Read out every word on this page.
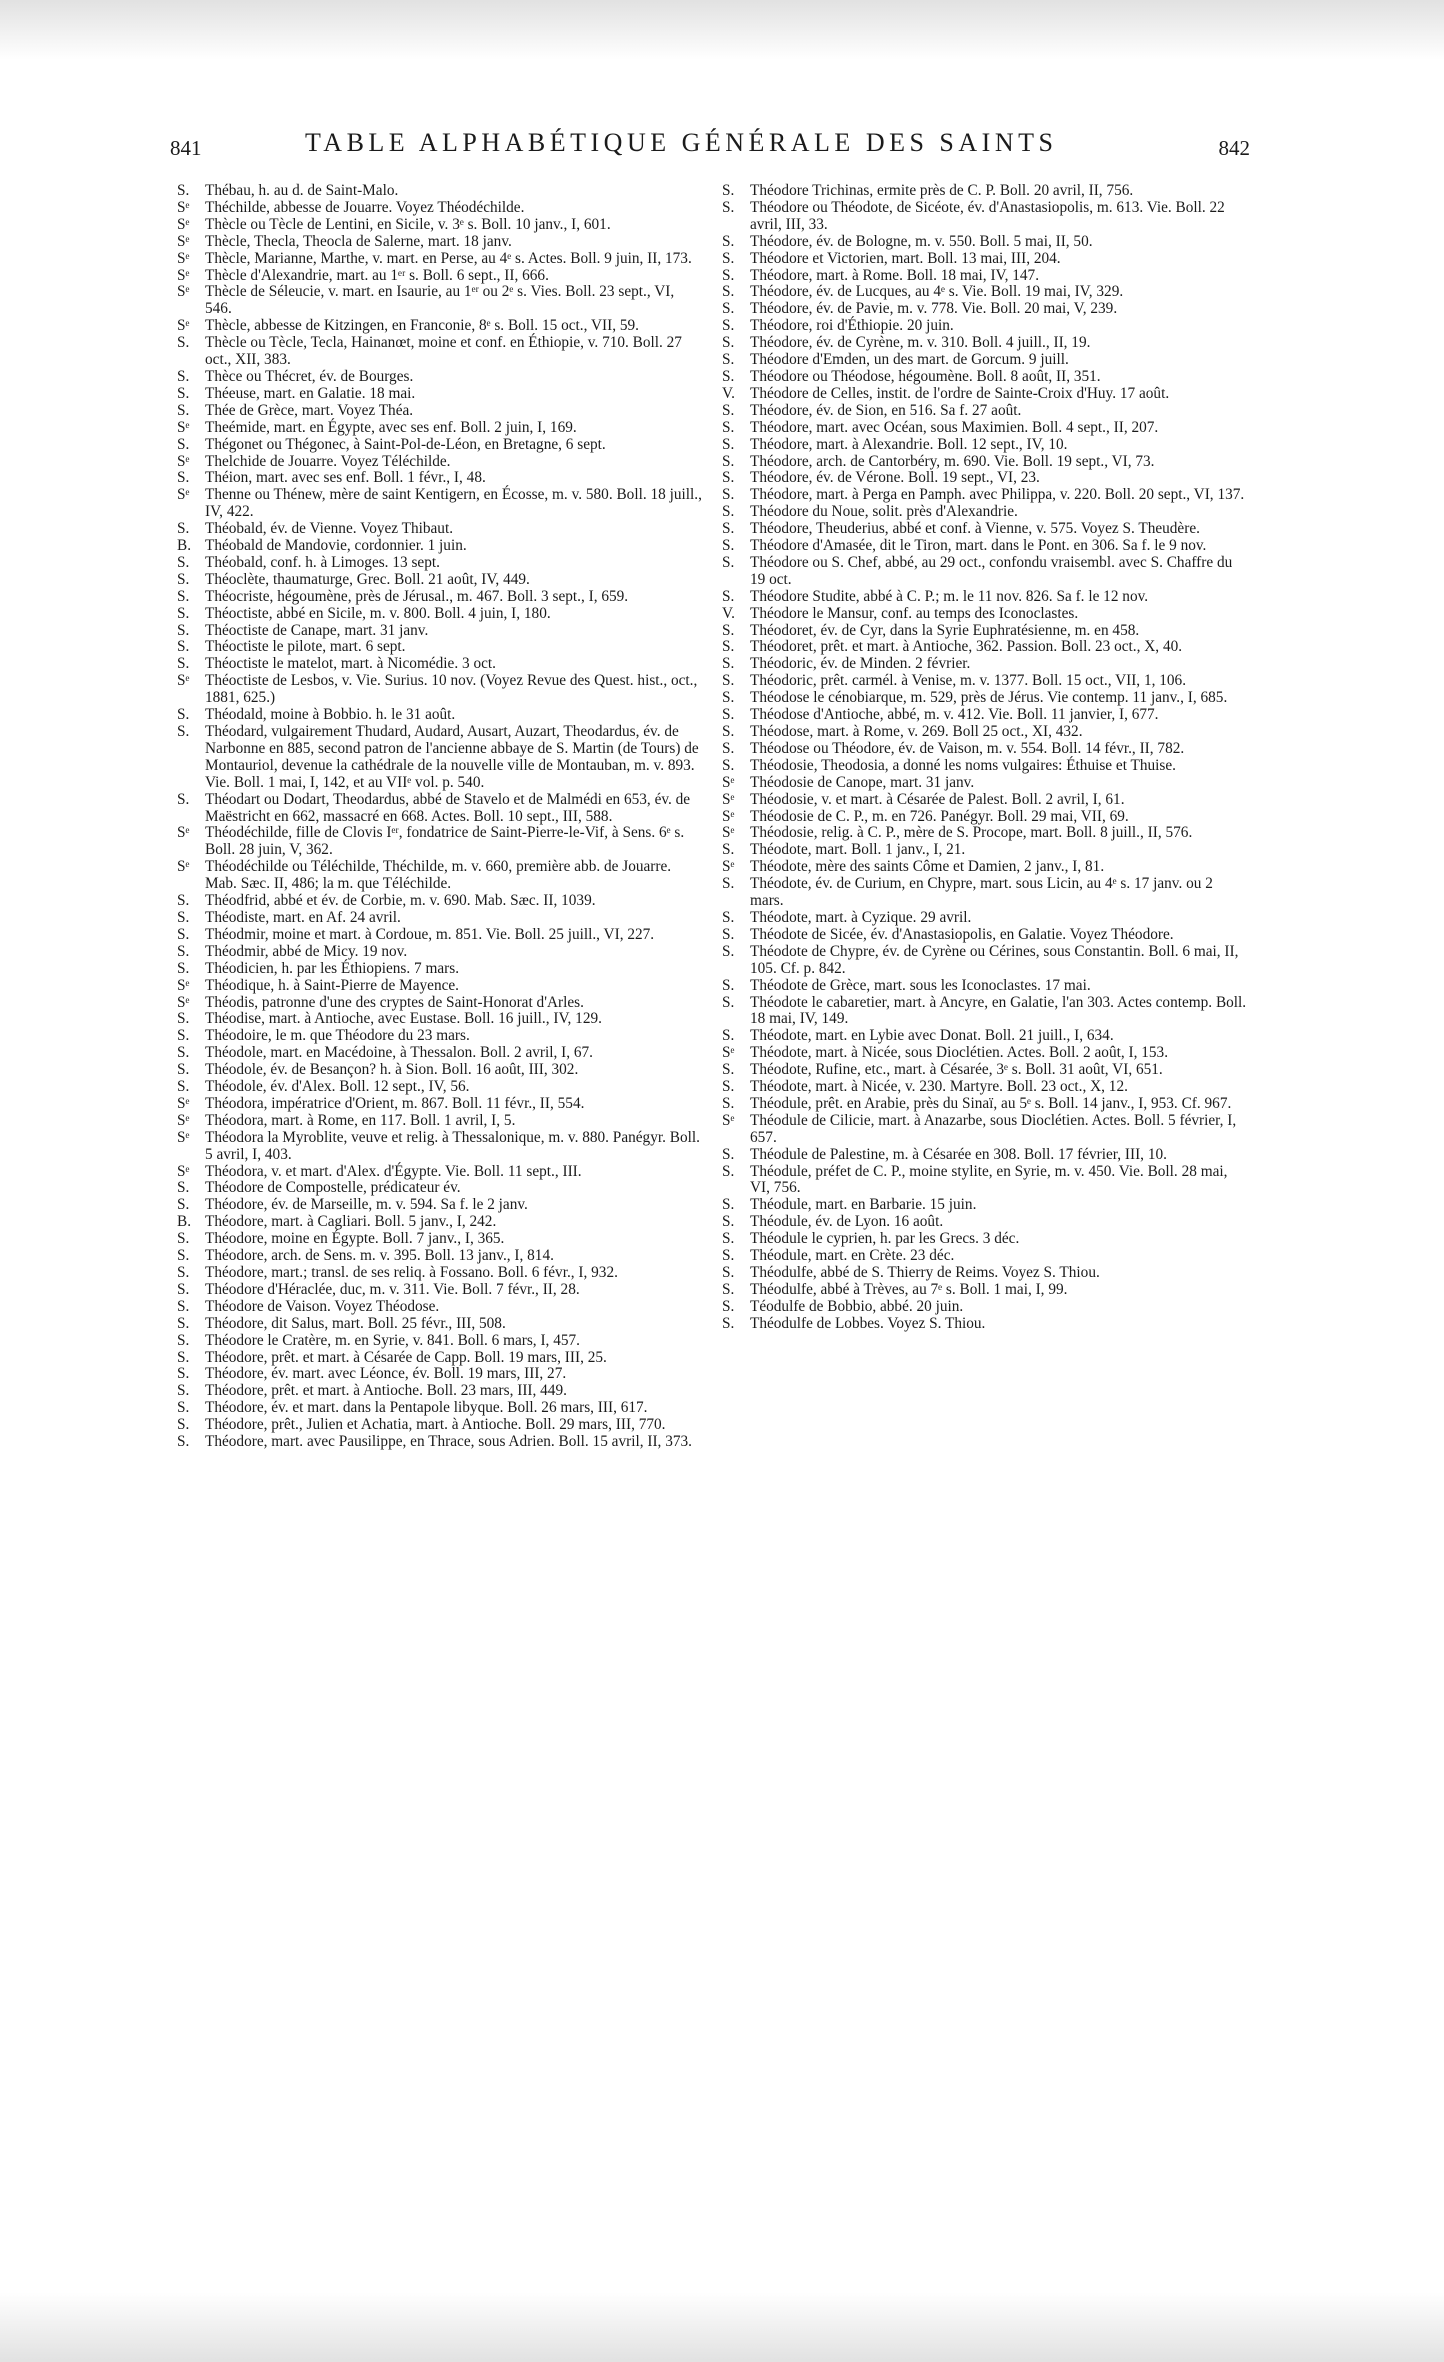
841	TABLE ALPHABÉTIQUE GÉNÉRALE DES SAINTS	842
S. Thébau, h. au d. de Saint-Malo.
Sᵉ Théchilde, abbesse de Jouarre. Voyez Théodéchilde.
Sᵉ Thècle ou Tècle de Lentini, en Sicile, v. 3ᵉ s. Boll. 10 janv., I, 601.
Sᵉ Thècle, Thecla, Theocla de Salerne, mart. 18 janv.
Sᵉ Thècle, Marianne, Marthe, v. mart. en Perse, au 4ᵉ s. Actes. Boll. 9 juin, II, 173.
Sᵉ Thècle d'Alexandrie, mart. au 1ᵉʳ s. Boll. 6 sept., II, 666.
Sᵉ Thècle de Séleucie, v. mart. en Isaurie, au 1ᵉʳ ou 2ᵉ s. Vies. Boll. 23 sept., VI, 546.
Sᵉ Thècle, abbesse de Kitzingen, en Franconie, 8ᵉ s. Boll. 15 oct., VII, 59.
S. Thècle ou Tècle, Tecla, Hainanœt, moine et conf. en Éthiopie, v. 710. Boll. 27 oct., XII, 383.
S. Thèce ou Thécret, év. de Bourges.
S. Théeuse, mart. en Galatie. 18 mai.
S. Thée de Grèce, mart. Voyez Théa.
Sᵉ Theémide, mart. en Égypte, avec ses enf. Boll. 2 juin, I, 169.
S. Thégonet ou Thégonec, à Saint-Pol-de-Léon, en Bretagne, 6 sept.
Sᵉ Thelchide de Jouarre. Voyez Téléchilde.
S. Théion, mart. avec ses enf. Boll. 1 févr., I, 48.
Sᵉ Thenne ou Thénew, mère de saint Kentigern, en Écosse, m. v. 580. Boll. 18 juill., IV, 422.
S. Théobald, év. de Vienne. Voyez Thibaut.
B. Théobald de Mandovie, cordonnier. 1 juin.
S. Théobald, conf. h. à Limoges. 13 sept.
S. Théoclète, thaumaturge, Grec. Boll. 21 août, IV, 449.
S. Théocriste, hégoumène, près de Jérusal., m. 467. Boll. 3 sept., I, 659.
S. Théoctiste, abbé en Sicile, m. v. 800. Boll. 4 juin, I, 180.
S. Théoctiste de Canape, mart. 31 janv.
S. Théoctiste le pilote, mart. 6 sept.
S. Théoctiste le matelot, mart. à Nicomédie. 3 oct.
Sᵉ Théoctiste de Lesbos, v. Vie. Surius. 10 nov. (Voyez Revue des Quest. hist., oct., 1881, 625.)
S. Théodald, moine à Bobbio. h. le 31 août.
S. Théodard, vulgairement Thudard, Audard, Ausart, Auzart, Theodardus, év. de Narbonne en 885, second patron de l'ancienne abbaye de S. Martin (de Tours) de Montauriol, devenue la cathédrale de la nouvelle ville de Montauban, m. v. 893. Vie. Boll. 1 mai, I, 142, et au VIIᵉ vol. p. 540.
S. Théodart ou Dodart, Theodardus, abbé de Stavelo et de Malmédi en 653, év. de Maëstricht en 662, massacré en 668. Actes. Boll. 10 sept., III, 588.
Sᵉ Théodéchilde, fille de Clovis Iᵉʳ, fondatrice de Saint-Pierre-le-Vif, à Sens. 6ᵉ s. Boll. 28 juin, V, 362.
Sᵉ Théodéchilde ou Téléchilde, Théchilde, m. v. 660, première abb. de Jouarre. Mab. Sæc. II, 486; la m. que Téléchilde.
S. Théodfrid, abbé et év. de Corbie, m. v. 690. Mab. Sæc. II, 1039.
S. Théodiste, mart. en Af. 24 avril.
S. Théodmir, moine et mart. à Cordoue, m. 851. Vie. Boll. 25 juill., VI, 227.
S. Théodmir, abbé de Micy. 19 nov.
S. Théodicien, h. par les Éthiopiens. 7 mars.
Sᵉ Théodique, h. à Saint-Pierre de Mayence.
Sᵉ Théodis, patronne d'une des cryptes de Saint-Honorat d'Arles.
S. Théodise, mart. à Antioche, avec Eustase. Boll. 16 juill., IV, 129.
S. Théodoire, le m. que Théodore du 23 mars.
S. Théodole, mart. en Macédoine, à Thessalon. Boll. 2 avril, I, 67.
S. Théodole, év. de Besançon? h. à Sion. Boll. 16 août, III, 302.
S. Théodole, év. d'Alex. Boll. 12 sept., IV, 56.
Sᵉ Théodora, impératrice d'Orient, m. 867. Boll. 11 févr., II, 554.
Sᵉ Théodora, mart. à Rome, en 117. Boll. 1 avril, I, 5.
Sᵉ Théodora la Myroblite, veuve et relig. à Thessalonique, m. v. 880. Panégyr. Boll. 5 avril, I, 403.
Sᵉ Théodora, v. et mart. d'Alex. d'Égypte. Vie. Boll. 11 sept., III.
S. Théodore de Compostelle, prédicateur év.
S. Théodore, év. de Marseille, m. v. 594. Sa f. le 2 janv.
B. Théodore, mart. à Cagliari. Boll. 5 janv., I, 242.
S. Théodore, moine en Égypte. Boll. 7 janv., I, 365.
S. Théodore, arch. de Sens. m. v. 395. Boll. 13 janv., I, 814.
S. Théodore, mart.; transl. de ses reliq. à Fossano. Boll. 6 févr., I, 932.
S. Théodore d'Héraclée, duc, m. v. 311. Vie. Boll. 7 févr., II, 28.
S. Théodore de Vaison. Voyez Théodose.
S. Théodore, dit Salus, mart. Boll. 25 févr., III, 508.
S. Théodore le Cratère, m. en Syrie, v. 841. Boll. 6 mars, I, 457.
S. Théodore, prêt. et mart. à Césarée de Capp. Boll. 19 mars, III, 25.
S. Théodore, év. mart. avec Léonce, év. Boll. 19 mars, III, 27.
S. Théodore, prêt. et mart. à Antioche. Boll. 23 mars, III, 449.
S. Théodore, év. et mart. dans la Pentapole libyque. Boll. 26 mars, III, 617.
S. Théodore, prêt., Julien et Achatia, mart. à Antioche. Boll. 29 mars, III, 770.
S. Théodore, mart. avec Pausilippe, en Thrace, sous Adrien. Boll. 15 avril, II, 373.
S. Théodore Trichinas, ermite près de C. P. Boll. 20 avril, II, 756.
S. Théodore ou Théodote, de Sicéote, év. d'Anastasiopolis, m. 613. Vie. Boll. 22 avril, III, 33.
S. Théodore, év. de Bologne, m. v. 550. Boll. 5 mai, II, 50.
S. Théodore et Victorien, mart. Boll. 13 mai, III, 204.
S. Théodore, mart. à Rome. Boll. 18 mai, IV, 147.
S. Théodore, év. de Lucques, au 4ᵉ s. Vie. Boll. 19 mai, IV, 329.
S. Théodore, év. de Pavie, m. v. 778. Vie. Boll. 20 mai, V, 239.
S. Théodore, roi d'Éthiopie. 20 juin.
S. Théodore, év. de Cyrène, m. v. 310. Boll. 4 juill., II, 19.
S. Théodore d'Emden, un des mart. de Gorcum. 9 juill.
S. Théodore ou Théodose, hégoumène. Boll. 8 août, II, 351.
V. Théodore de Celles, instit. de l'ordre de Sainte-Croix d'Huy. 17 août.
S. Théodore, év. de Sion, en 516. Sa f. 27 août.
S. Théodore, mart. avec Océan, sous Maximien. Boll. 4 sept., II, 207.
S. Théodore, mart. à Alexandrie. Boll. 12 sept., IV, 10.
S. Théodore, arch. de Cantorbéry, m. 690. Vie. Boll. 19 sept., VI, 73.
S. Théodore, év. de Vérone. Boll. 19 sept., VI, 23.
S. Théodore, mart. à Perga en Pamph. avec Philippa, v. 220. Boll. 20 sept., VI, 137.
S. Théodore du Noue, solit. près d'Alexandrie.
S. Théodore, Theuderius, abbé et conf. à Vienne, v. 575. Voyez S. Theudère.
S. Théodore d'Amasée, dit le Tiron, mart. dans le Pont. en 306. Sa f. le 9 nov.
S. Théodore ou S. Chef, abbé, au 29 oct., confondu vraisembl. avec S. Chaffre du 19 oct.
S. Théodore Studite, abbé à C. P.; m. le 11 nov. 826. Sa f. le 12 nov.
V. Théodore le Mansur, conf. au temps des Iconoclastes.
S. Théodoret, év. de Cyr, dans la Syrie Euphratésienne, m. en 458.
S. Théodoret, prêt. et mart. à Antioche, 362. Passion. Boll. 23 oct., X, 40.
S. Théodoric, év. de Minden. 2 février.
S. Théodoric, prêt. carmél. à Venise, m. v. 1377. Boll. 15 oct., VII, 1, 106.
S. Théodose le cénobiarque, m. 529, près de Jérus. Vie contemp. 11 janv., I, 685.
S. Théodose d'Antioche, abbé, m. v. 412. Vie. Boll. 11 janvier, I, 677.
S. Théodose, mart. à Rome, v. 269. Boll 25 oct., XI, 432.
S. Théodose ou Théodore, év. de Vaison, m. v. 554. Boll. 14 févr., II, 782.
S. Théodosie, Theodosia, a donné les noms vulgaires: Éthuise et Thuise.
Sᵉ Théodosie de Canope, mart. 31 janv.
Sᵉ Théodosie, v. et mart. à Césarée de Palest. Boll. 2 avril, I, 61.
Sᵉ Théodosie de C. P., m. en 726. Panégyr. Boll. 29 mai, VII, 69.
Sᵉ Théodosie, relig. à C. P., mère de S. Procope, mart. Boll. 8 juill., II, 576.
S. Théodote, mart. Boll. 1 janv., I, 21.
Sᵉ Théodote, mère des saints Côme et Damien, 2 janv., I, 81.
S. Théodote, év. de Curium, en Chypre, mart. sous Licin, au 4ᵉ s. 17 janv. ou 2 mars.
S. Théodote, mart. à Cyzique. 29 avril.
S. Théodote de Sicée, év. d'Anastasiopolis, en Galatie. Voyez Théodore.
S. Théodote de Chypre, év. de Cyrène ou Cérines, sous Constantin. Boll. 6 mai, II, 105. Cf. p. 842.
S. Théodote de Grèce, mart. sous les Iconoclastes. 17 mai.
S. Théodote le cabaretier, mart. à Ancyre, en Galatie, l'an 303. Actes contemp. Boll. 18 mai, IV, 149.
S. Théodote, mart. en Lybie avec Donat. Boll. 21 juill., I, 634.
Sᵉ Théodote, mart. à Nicée, sous Dioclétien. Actes. Boll. 2 août, I, 153.
S. Théodote, Rufine, etc., mart. à Césarée, 3ᵉ s. Boll. 31 août, VI, 651.
S. Théodote, mart. à Nicée, v. 230. Martyre. Boll. 23 oct., X, 12.
S. Théodule, prêt. en Arabie, près du Sinaï, au 5ᵉ s. Boll. 14 janv., I, 953. Cf. 967.
Sᵉ Théodule de Cilicie, mart. à Anazarbe, sous Dioclétien. Actes. Boll. 5 février, I, 657.
S. Théodule de Palestine, m. à Césarée en 308. Boll. 17 février, III, 10.
S. Théodule, préfet de C. P., moine stylite, en Syrie, m. v. 450. Vie. Boll. 28 mai, VI, 756.
S. Théodule, mart. en Barbarie. 15 juin.
S. Théodule, év. de Lyon. 16 août.
S. Théodule le cyprien, h. par les Grecs. 3 déc.
S. Théodule, mart. en Crète. 23 déc.
S. Théodulfe, abbé de S. Thierry de Reims. Voyez S. Thiou.
S. Théodulfe, abbé à Trèves, au 7ᵉ s. Boll. 1 mai, I, 99.
S. Téodulfe de Bobbio, abbé. 20 juin.
S. Théodulfe de Lobbes. Voyez S. Thiou.
